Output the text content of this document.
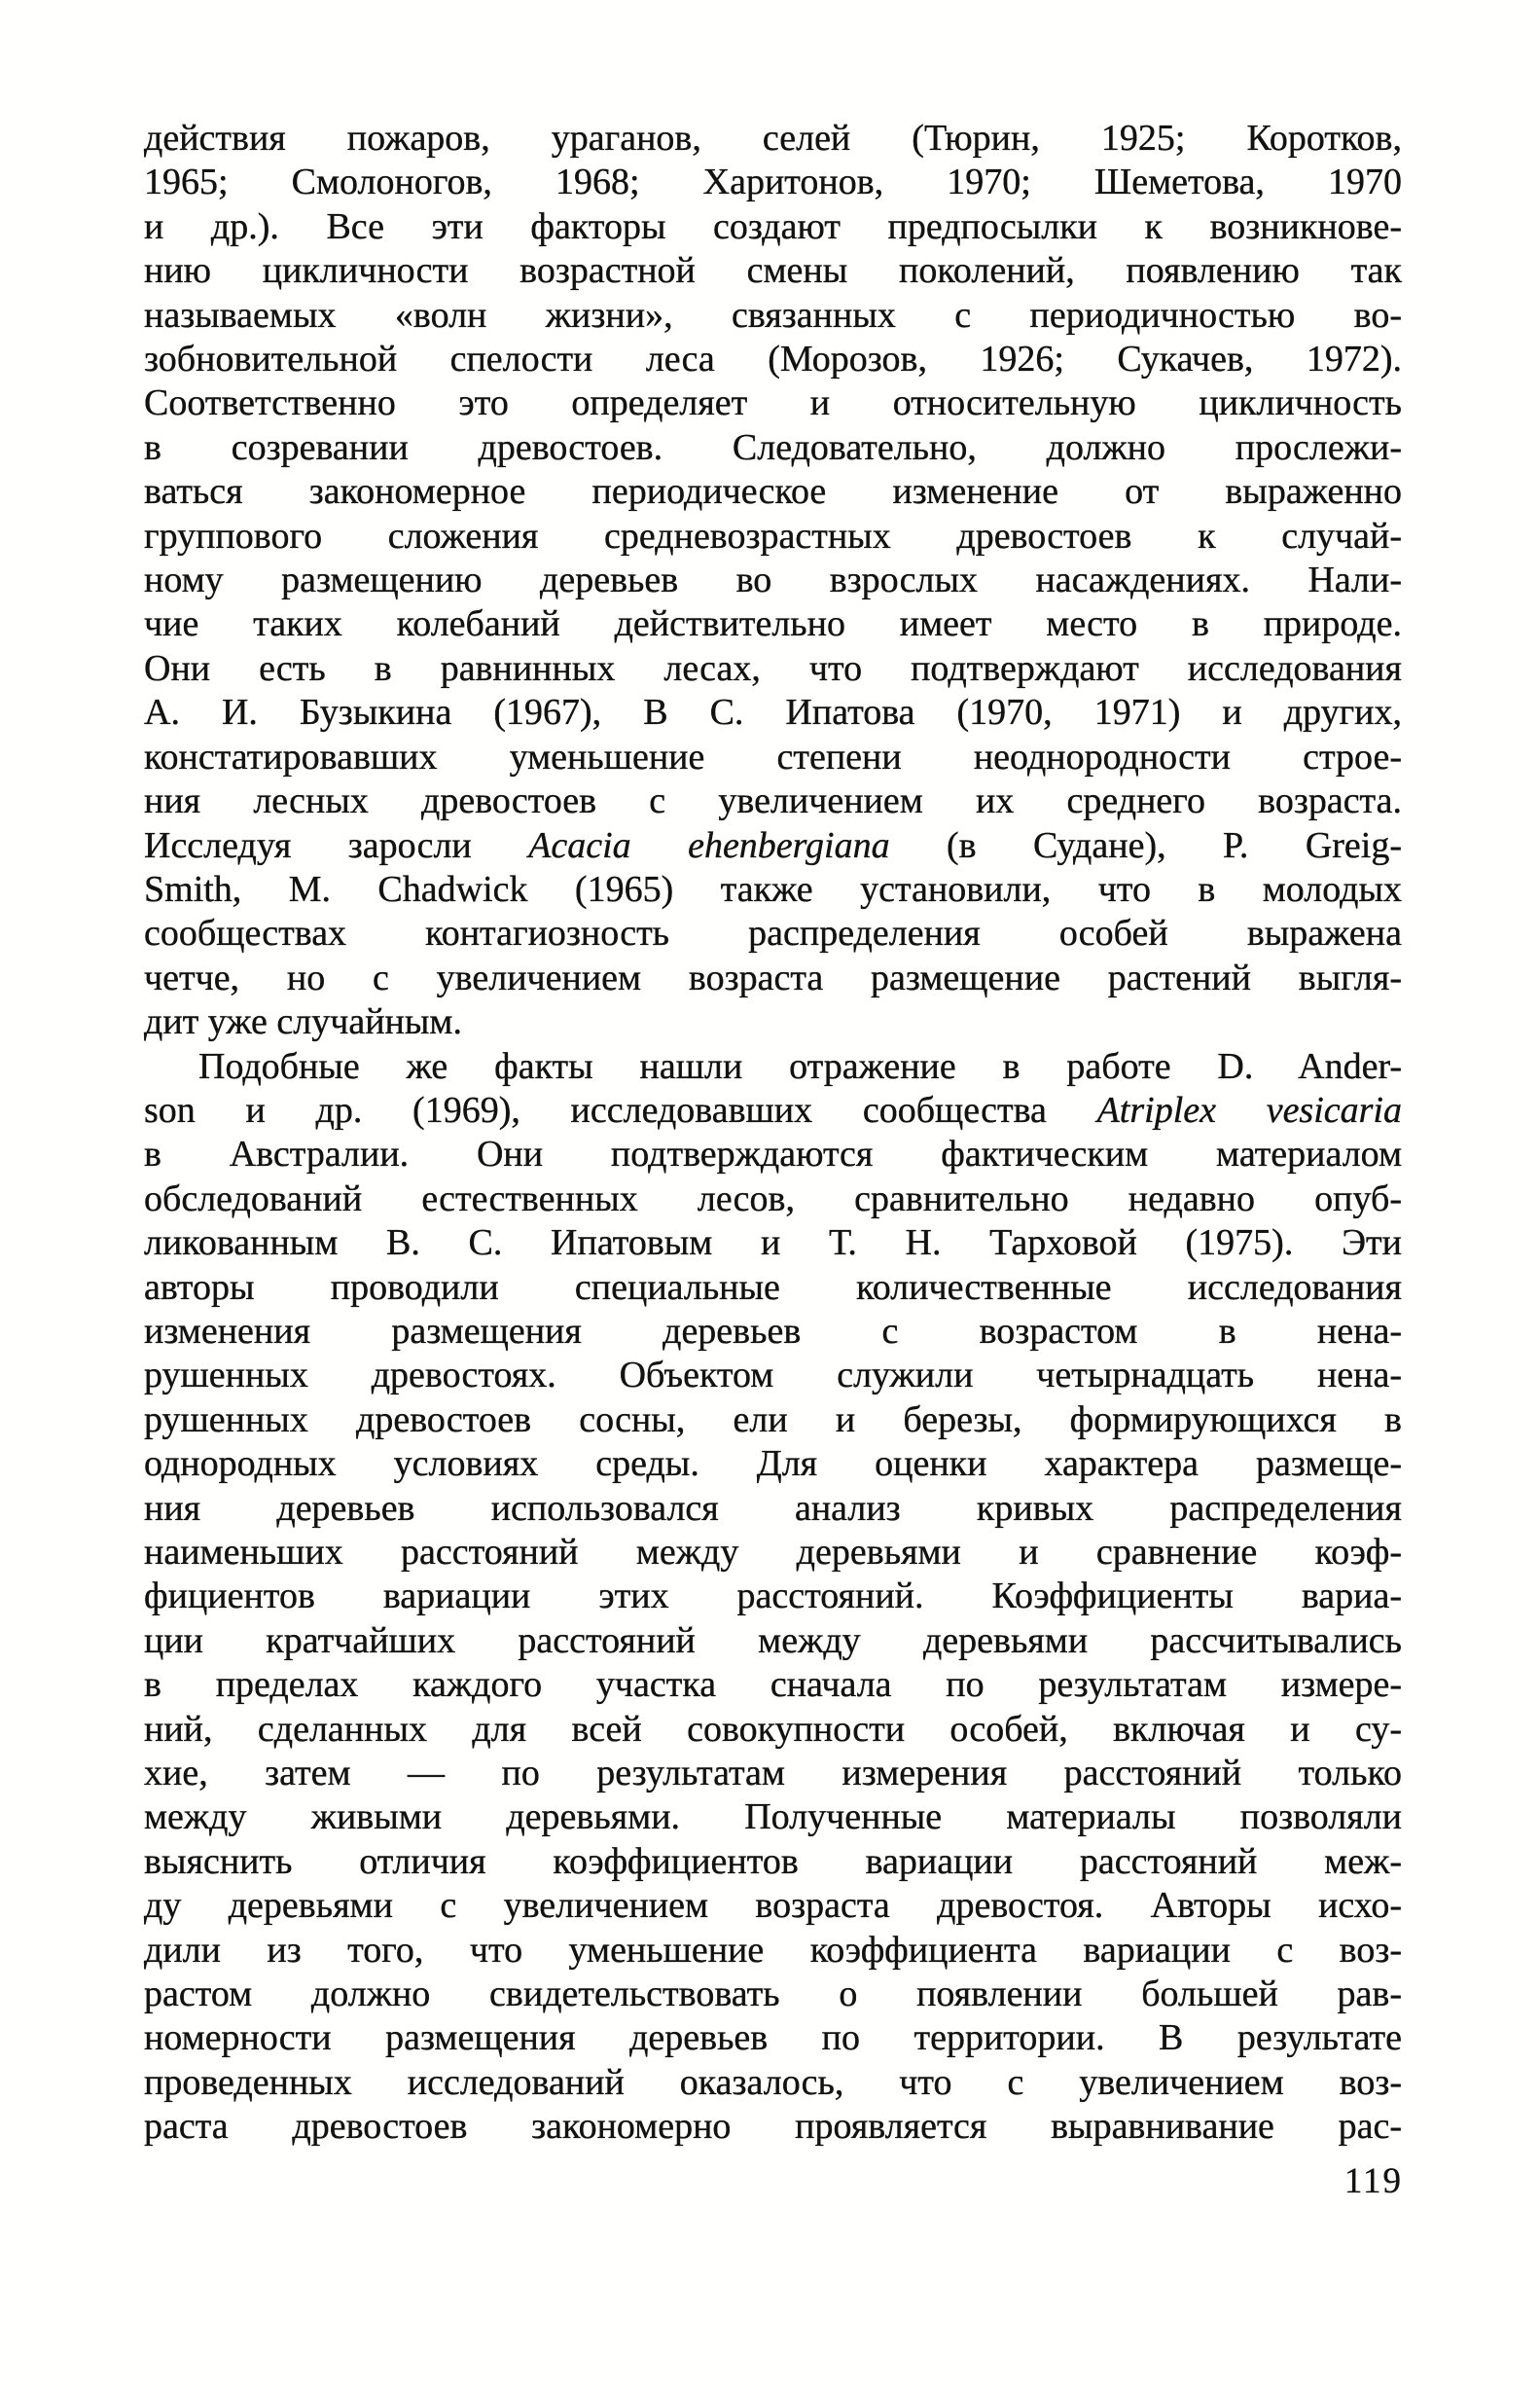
действия пожаров, ураганов, селей (Тюрин, 1925; Коротков,
1965; Смолоногов, 1968; Харитонов, 1970; Шеметова, 1970
и др.). Все эти факторы создают предпосылки к возникнове-
нию цикличности возрастной смены поколений, появлению так
называемых «волн жизни», связанных с периодичностью во-
зобновительной спелости леса (Морозов, 1926; Сукачев, 1972).
Соответственно это определяет и относительную цикличность
в созревании древостоев. Следовательно, должно прослежи-
ваться закономерное периодическое изменение от выраженно
группового сложения средневозрастных древостоев к случай-
ному размещению деревьев во взрослых насаждениях. Нали-
чие таких колебаний действительно имеет место в природе.
Они есть в равнинных лесах, что подтверждают исследования
А. И. Бузыкина (1967), В С. Ипатова (1970, 1971) и других,
констатировавших уменьшение степени неоднородности строе-
ния лесных древостоев с увеличением их среднего возраста.
Исследуя заросли Acacia ehenbergiana (в Судане), P. Greig-
Smith, M. Chadwick (1965) также установили, что в молодых
сообществах контагиозность распределения особей выражена
четче, но с увеличением возраста размещение растений выгля-
дит уже случайным.
Подобные же факты нашли отражение в работе D. Ander-
son и др. (1969), исследовавших сообщества Atriplex vesicaria
в Австралии. Они подтверждаются фактическим материалом
обследований естественных лесов, сравнительно недавно опуб-
ликованным В. С. Ипатовым и Т. Н. Тарховой (1975). Эти
авторы проводили специальные количественные исследования
изменения размещения деревьев с возрастом в нена-
рушенных древостоях. Объектом служили четырнадцать нена-
рушенных древостоев сосны, ели и березы, формирующихся в
однородных условиях среды. Для оценки характера размеще-
ния деревьев использовался анализ кривых распределения
наименьших расстояний между деревьями и сравнение коэф-
фициентов вариации этих расстояний. Коэффициенты вариа-
ции кратчайших расстояний между деревьями рассчитывались
в пределах каждого участка сначала по результатам измере-
ний, сделанных для всей совокупности особей, включая и су-
хие, затем — по результатам измерения расстояний только
между живыми деревьями. Полученные материалы позволяли
выяснить отличия коэффициентов вариации расстояний меж-
ду деревьями с увеличением возраста древостоя. Авторы исхо-
дили из того, что уменьшение коэффициента вариации с воз-
растом должно свидетельствовать о появлении большей рав-
номерности размещения деревьев по территории. В результате
проведенных исследований оказалось, что с увеличением воз-
раста древостоев закономерно проявляется выравнивание рас-
119
